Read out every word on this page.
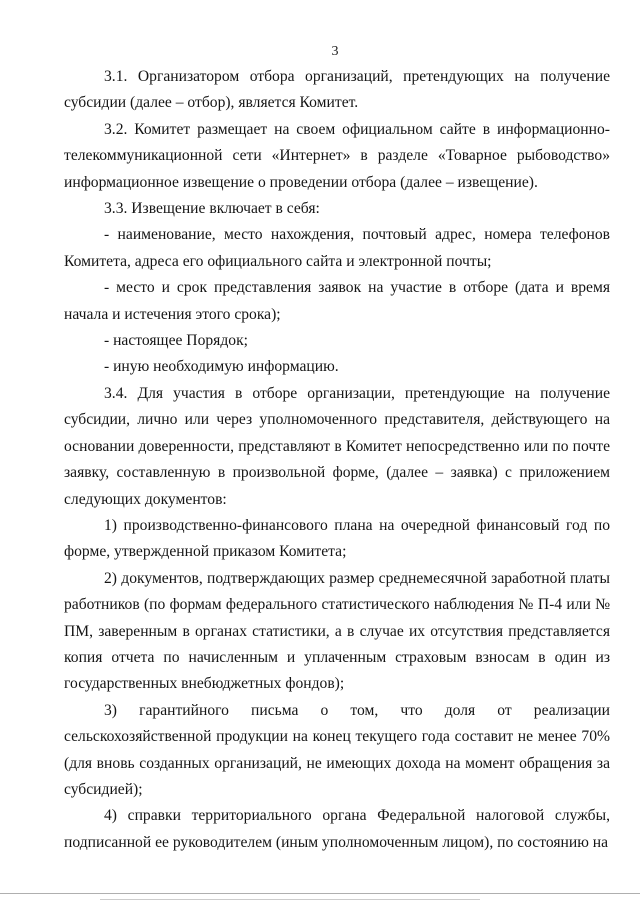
3

3.1. Организатором отбора организаций, претендующих на получение субсидии (далее – отбор), является Комитет.

3.2. Комитет размещает на своем официальном сайте в информационно-телекоммуникационной сети «Интернет» в разделе «Товарное рыбоводство» информационное извещение о проведении отбора (далее – извещение).

3.3. Извещение включает в себя:

- наименование, место нахождения, почтовый адрес, номера телефонов Комитета, адреса его официального сайта и электронной почты;

- место и срок представления заявок на участие в отборе (дата и время начала и истечения этого срока);

- настоящее Порядок;

- иную необходимую информацию.

3.4. Для участия в отборе организации, претендующие на получение субсидии, лично или через уполномоченного представителя, действующего на основании доверенности, представляют в Комитет непосредственно или по почте заявку, составленную в произвольной форме, (далее – заявка) с приложением следующих документов:

1) производственно-финансового плана на очередной финансовый год по форме, утвержденной приказом Комитета;

2) документов, подтверждающих размер среднемесячной заработной платы работников (по формам федерального статистического наблюдения № П-4 или № ПМ, заверенным в органах статистики, а в случае их отсутствия представляется копия отчета по начисленным и уплаченным страховым взносам в один из государственных внебюджетных фондов);

3) гарантийного письма о том, что доля от реализации сельскохозяйственной продукции на конец текущего года составит не менее 70% (для вновь созданных организаций, не имеющих дохода на момент обращения за субсидией);

4) справки территориального органа Федеральной налоговой службы, подписанной ее руководителем (иным уполномоченным лицом), по состоянию на
